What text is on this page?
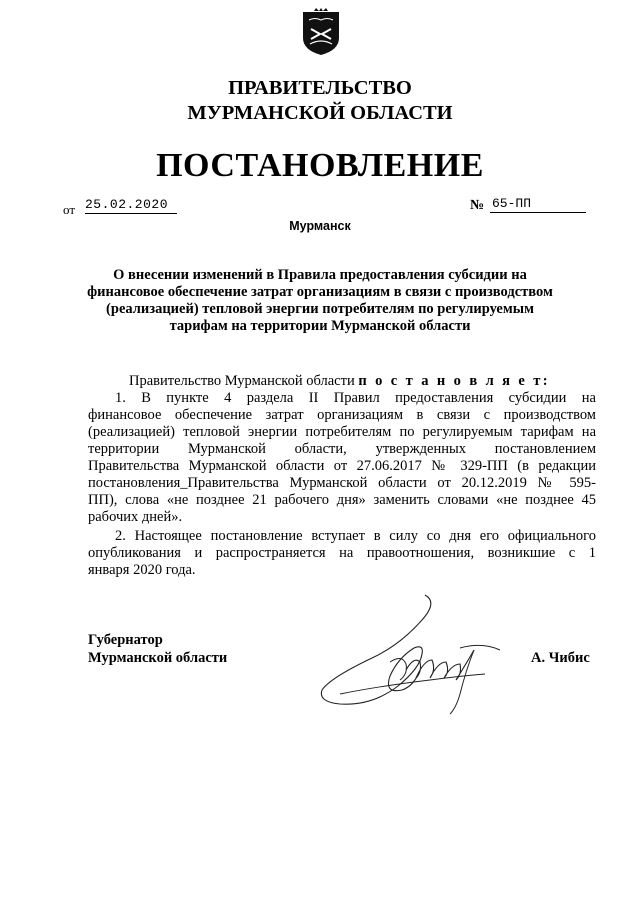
ПРАВИТЕЛЬСТВО
МУРМАНСКОЙ ОБЛАСТИ
ПОСТАНОВЛЕНИЕ
от 25.02.2020	№ 65-ПП
Мурманск
О внесении изменений в Правила предоставления субсидии на
финансовое обеспечение затрат организациям в связи с производством
(реализацией) тепловой энергии потребителям по регулируемым
тарифам на территории Мурманской области
Правительство Мурманской области п о с т а н о в л я е т:
1. В пункте 4 раздела II Правил предоставления субсидии на
финансовое обеспечение затрат организациям в связи с производством
(реализацией) тепловой энергии потребителям по регулируемым тарифам на
территории Мурманской области, утвержденных постановлением
Правительства Мурманской области от 27.06.2017 № 329-ПП (в редакции
постановления_Правительства Мурманской области от 20.12.2019 № 595-
ПП), слова «не позднее 21 рабочего дня» заменить словами «не позднее 45
рабочих дней».
2. Настоящее постановление вступает в силу со дня его официального
опубликования и распространяется на правоотношения, возникшие с 1
января 2020 года.
Губернатор
Мурманской области	А. Чибис
